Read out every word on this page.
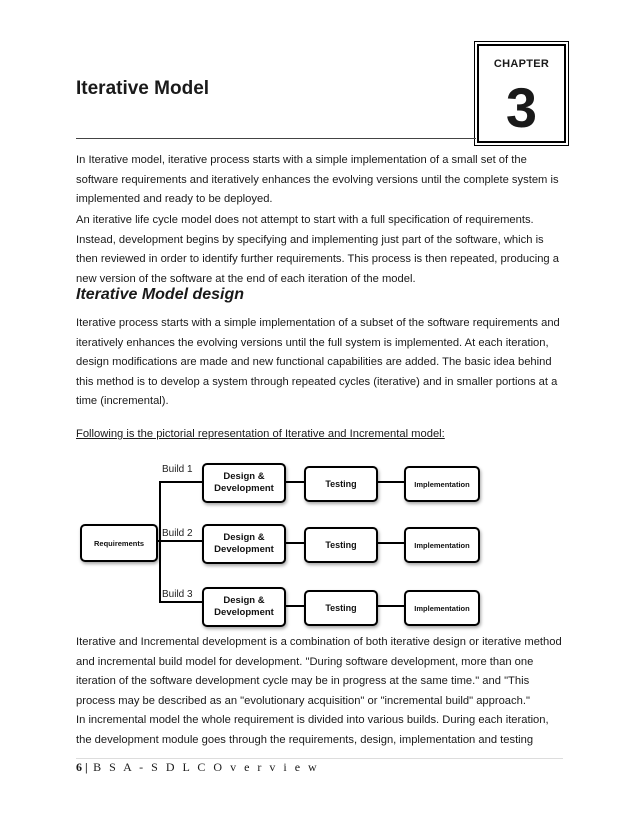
CHAPTER
3
Iterative Model

In Iterative model, iterative process starts with a simple implementation of a small set of the software requirements and iteratively enhances the evolving versions until the complete system is implemented and ready to be deployed.

An iterative life cycle model does not attempt to start with a full specification of requirements. Instead, development begins by specifying and implementing just part of the software, which is then reviewed in order to identify further requirements. This process is then repeated, producing a new version of the software at the end of each iteration of the model.

Iterative Model design

Iterative process starts with a simple implementation of a subset of the software requirements and iteratively enhances the evolving versions until the full system is implemented. At each iteration, design modifications are made and new functional capabilities are added. The basic idea behind this method is to develop a system through repeated cycles (iterative) and in smaller portions at a time (incremental).

Following is the pictorial representation of Iterative and Incremental model:

Requirements
Build 1
Design & Development	Testing	Implementation
Build 2	Design & Development	Testing	Implementation
Build 3
Design & Development	Testing	Implementation

Iterative and Incremental development is a combination of both iterative design or iterative method and incremental build model for development. "During software development, more than one iteration of the software development cycle may be in progress at the same time." and "This process may be described as an "evolutionary acquisition" or "incremental build" approach."

In incremental model the whole requirement is divided into various builds. During each iteration, the development module goes through the requirements, design, implementation and testing

6 | B S A - S D L C O v e r v i e w
